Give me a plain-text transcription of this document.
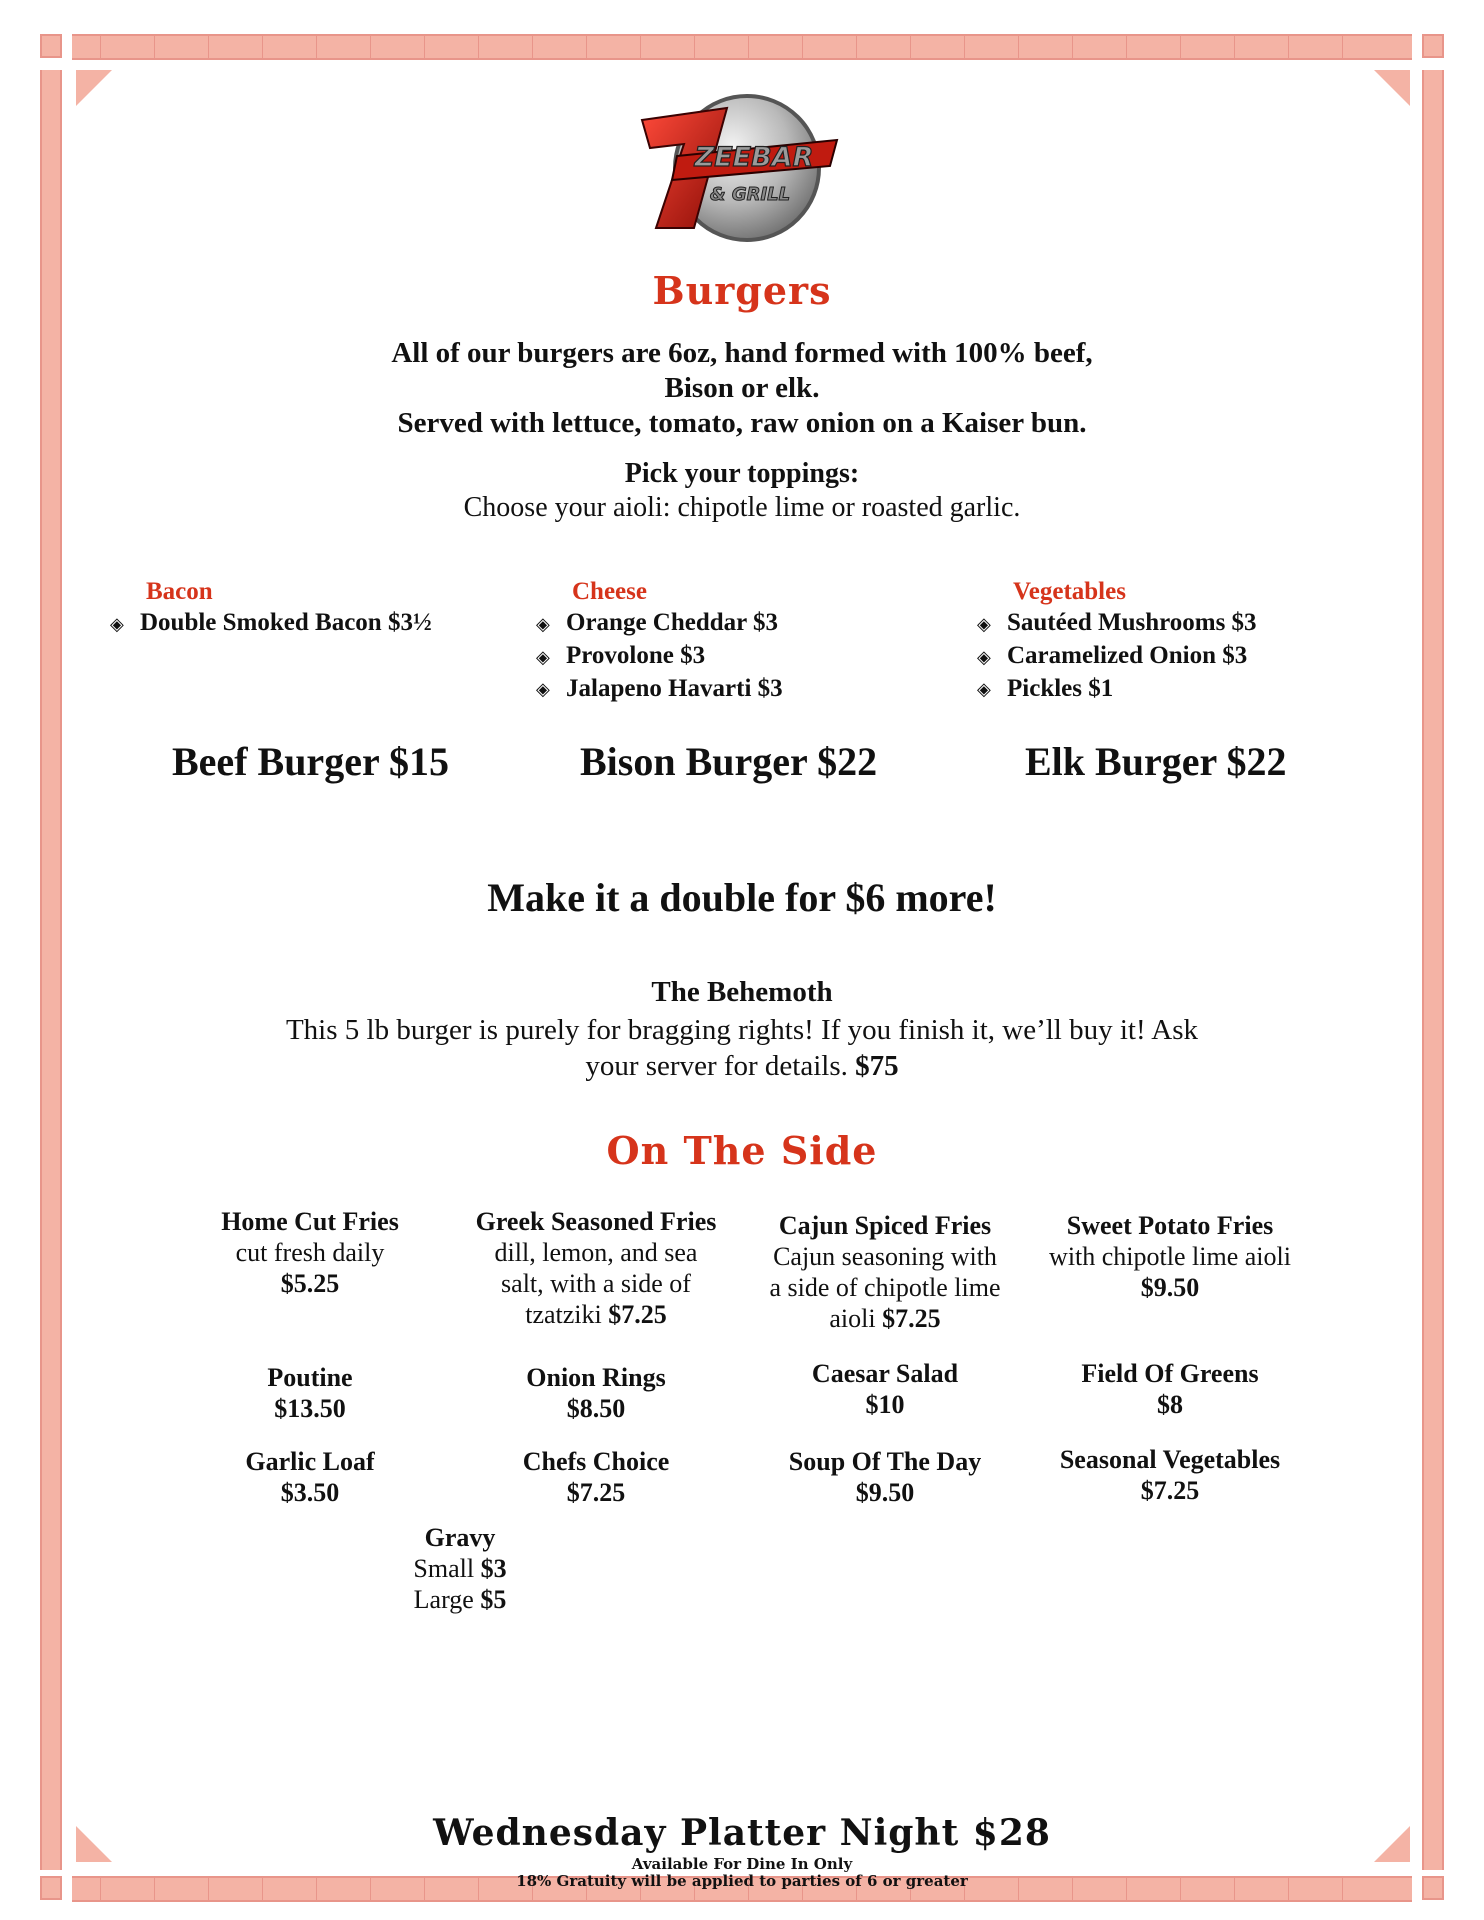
ZEEBAR
& GRILL
Burgers
All of our burgers are 6oz, hand formed with 100% beef,
Bison or elk.
Served with lettuce, tomato, raw onion on a Kaiser bun.
Pick your toppings:
Choose your aioli: chipotle lime or roasted garlic.
Bacon
◈ Double Smoked Bacon $3½
Cheese
◈ Orange Cheddar $3
◈ Provolone $3
◈ Jalapeno Havarti $3
Vegetables
◈ Sautéed Mushrooms $3
◈ Caramelized Onion $3
◈ Pickles $1
Beef Burger $15	Bison Burger $22	Elk Burger $22
Make it a double for $6 more!
The Behemoth
This 5 lb burger is purely for bragging rights! If you finish it, we’ll buy it! Ask
your server for details. $75
On The Side
Home Cut Fries
cut fresh daily
$5.25
Greek Seasoned Fries
dill, lemon, and sea
salt, with a side of
tzatziki $7.25
Cajun Spiced Fries
Cajun seasoning with
a side of chipotle lime
aioli $7.25
Sweet Potato Fries
with chipotle lime aioli
$9.50
Poutine
$13.50
Onion Rings
$8.50
Caesar Salad
$10
Field Of Greens
$8
Garlic Loaf
$3.50
Chefs Choice
$7.25
Soup Of The Day
$9.50
Seasonal Vegetables
$7.25
Gravy
Small $3
Large $5
Wednesday Platter Night $28
Available For Dine In Only
18% Gratuity will be applied to parties of 6 or greater
